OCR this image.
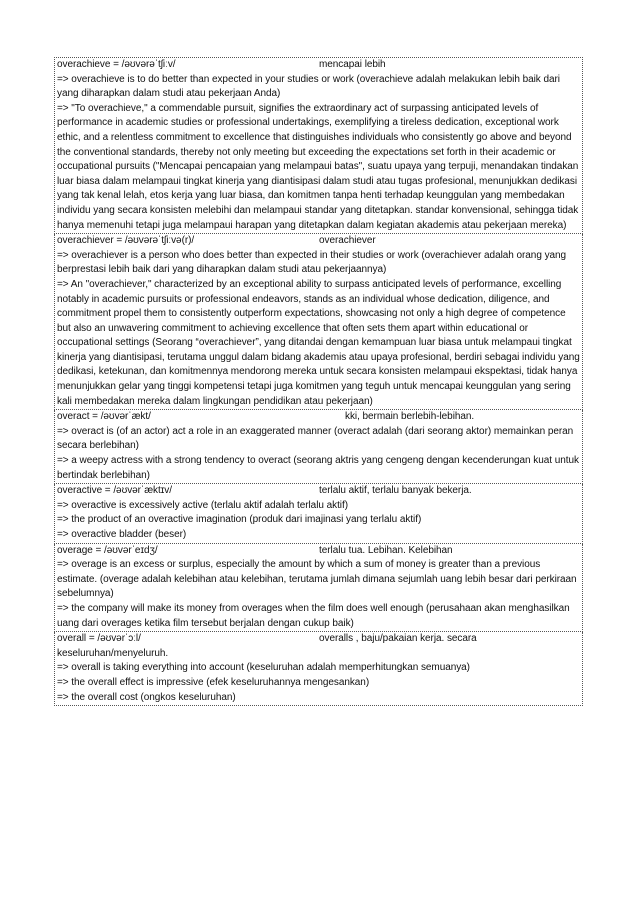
overachieve = /əʊvərəˈtʃiːv/	mencapai lebih

=> overachieve is to do better than expected in your studies or work (overachieve adalah melakukan lebih baik dari yang diharapkan dalam studi atau pekerjaan Anda)

=> "To overachieve," a commendable pursuit, signifies the extraordinary act of surpassing anticipated levels of performance in academic studies or professional undertakings, exemplifying a tireless dedication, exceptional work ethic, and a relentless commitment to excellence that distinguishes individuals who consistently go above and beyond the conventional standards, thereby not only meeting but exceeding the expectations set forth in their academic or occupational pursuits ("Mencapai pencapaian yang melampaui batas", suatu upaya yang terpuji, menandakan tindakan luar biasa dalam melampaui tingkat kinerja yang diantisipasi dalam studi atau tugas profesional, menunjukkan dedikasi yang tak kenal lelah, etos kerja yang luar biasa, dan komitmen tanpa henti terhadap keunggulan yang membedakan individu yang secara konsisten melebihi dan melampaui standar yang ditetapkan. standar konvensional, sehingga tidak hanya memenuhi tetapi juga melampaui harapan yang ditetapkan dalam kegiatan akademis atau pekerjaan mereka)

overachiever = /əʊvərəˈtʃiːvə(r)/	overachiever

=> overachiever is a person who does better than expected in their studies or work (overachiever adalah orang yang berprestasi lebih baik dari yang diharapkan dalam studi atau pekerjaannya)

=> An "overachiever," characterized by an exceptional ability to surpass anticipated levels of performance, excelling notably in academic pursuits or professional endeavors, stands as an individual whose dedication, diligence, and commitment propel them to consistently outperform expectations, showcasing not only a high degree of competence but also an unwavering commitment to achieving excellence that often sets them apart within educational or occupational settings (Seorang “overachiever”, yang ditandai dengan kemampuan luar biasa untuk melampaui tingkat kinerja yang diantisipasi, terutama unggul dalam bidang akademis atau upaya profesional, berdiri sebagai individu yang dedikasi, ketekunan, dan komitmennya mendorong mereka untuk secara konsisten melampaui ekspektasi, tidak hanya menunjukkan gelar yang tinggi kompetensi tetapi juga komitmen yang teguh untuk mencapai keunggulan yang sering kali membedakan mereka dalam lingkungan pendidikan atau pekerjaan)

overact = /əʊvərˈækt/	kki, bermain berlebih-lebihan.

=> overact is (of an actor) act a role in an exaggerated manner (overact adalah (dari seorang aktor) memainkan peran secara berlebihan)

=> a weepy actress with a strong tendency to overact (seorang aktris yang cengeng dengan kecenderungan kuat untuk bertindak berlebihan)

overactive = /əʊvərˈæktɪv/	terlalu aktif, terlalu banyak bekerja.

=> overactive is excessively active (terlalu aktif adalah terlalu aktif)

=> the product of an overactive imagination (produk dari imajinasi yang terlalu aktif)

=> overactive bladder (beser)

overage = /əʊvərˈeɪdʒ/	terlalu tua. Lebihan. Kelebihan

=> overage is an excess or surplus, especially the amount by which a sum of money is greater than a previous estimate. (overage adalah kelebihan atau kelebihan, terutama jumlah dimana sejumlah uang lebih besar dari perkiraan sebelumnya)

=> the company will make its money from overages when the film does well enough (perusahaan akan menghasilkan uang dari overages ketika film tersebut berjalan dengan cukup baik)

overall = /əʊvərˈɔːl/	overalls , baju/pakaian kerja. secara
keseluruhan/menyeluruh.

=> overall is taking everything into account (keseluruhan adalah memperhitungkan semuanya)

=> the overall effect is impressive (efek keseluruhannya mengesankan)

=> the overall cost (ongkos keseluruhan)
